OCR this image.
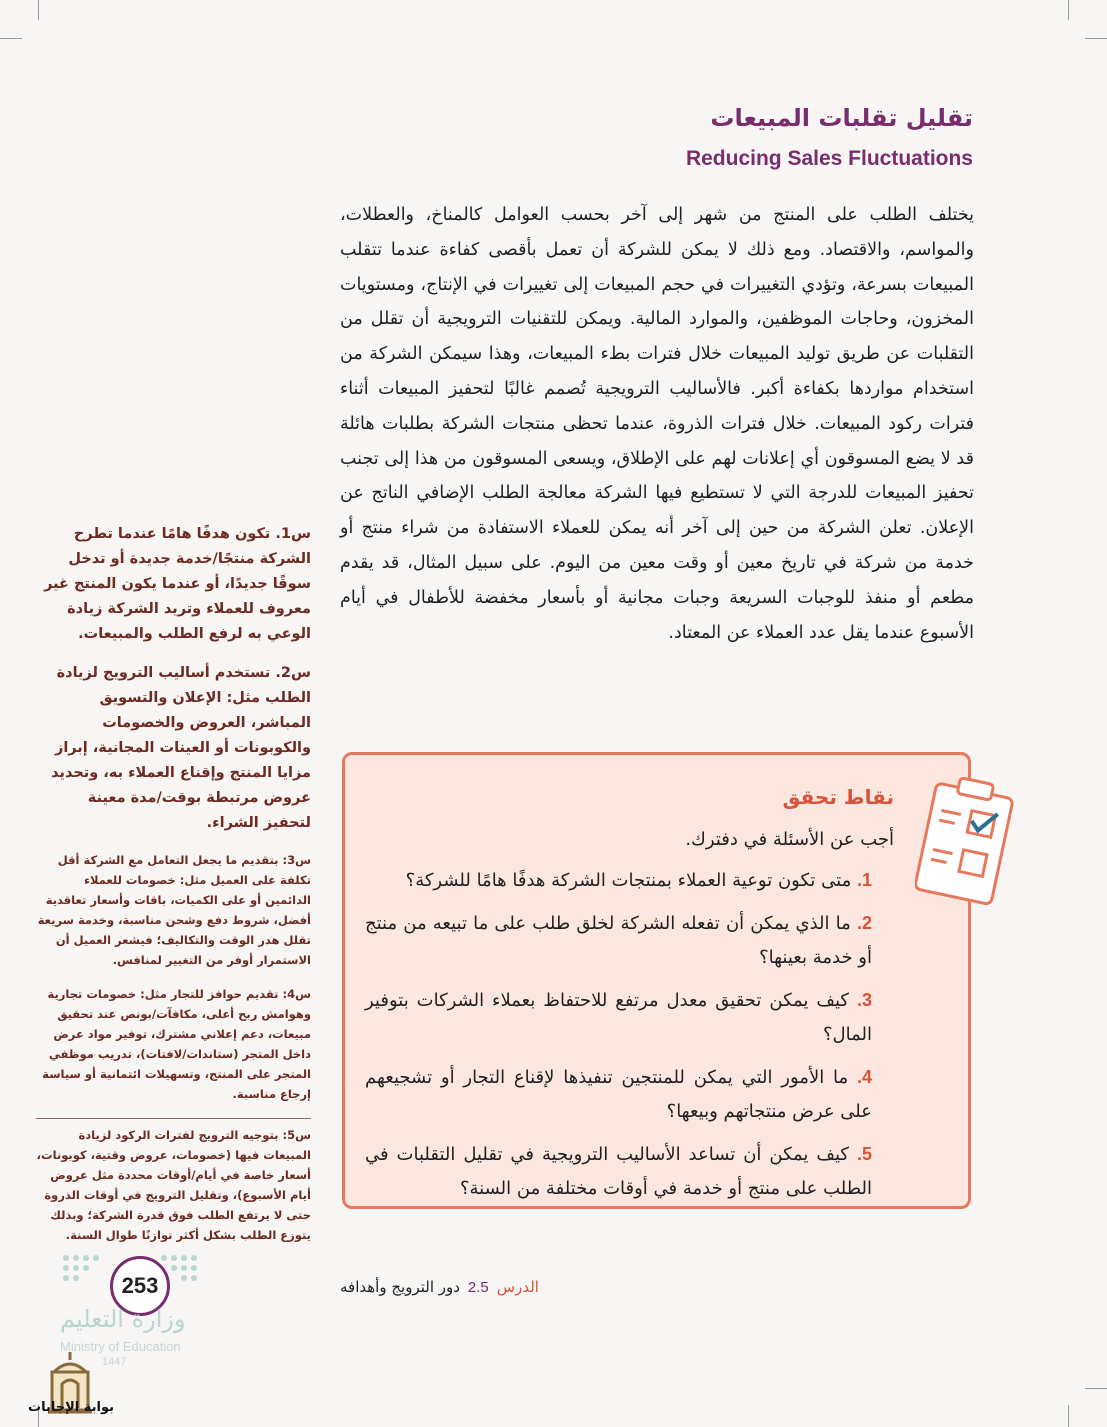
تقليل تقلبات المبيعات
Reducing Sales Fluctuations

يختلف الطلب على المنتج من شهر إلى آخر بحسب العوامل كالمناخ، والعطلات، والمواسم، والاقتصاد. ومع ذلك لا يمكن للشركة أن تعمل بأقصى كفاءة عندما تتقلب المبيعات بسرعة، وتؤدي التغييرات في حجم المبيعات إلى تغييرات في الإنتاج، ومستويات المخزون، وحاجات الموظفين، والموارد المالية. ويمكن للتقنيات الترويجية أن تقلل من التقلبات عن طريق توليد المبيعات خلال فترات بطء المبيعات، وهذا سيمكن الشركة من استخدام مواردها بكفاءة أكبر. فالأساليب الترويجية تُصمم غالبًا لتحفيز المبيعات أثناء فترات ركود المبيعات. خلال فترات الذروة، عندما تحظى منتجات الشركة بطلبات هائلة قد لا يضع المسوقون أي إعلانات لهم على الإطلاق، ويسعى المسوقون من هذا إلى تجنب تحفيز المبيعات للدرجة التي لا تستطيع فيها الشركة معالجة الطلب الإضافي الناتج عن الإعلان. تعلن الشركة من حين إلى آخر أنه يمكن للعملاء الاستفادة من شراء منتج أو خدمة من شركة في تاريخ معين أو وقت معين من اليوم. على سبيل المثال، قد يقدم مطعم أو منفذ للوجبات السريعة وجبات مجانية أو بأسعار مخفضة للأطفال في أيام الأسبوع عندما يقل عدد العملاء عن المعتاد.

س1. تكون هدفًا هامًا عندما تطرح الشركة منتجًا/خدمة جديدة أو تدخل سوقًا جديدًا، أو عندما يكون المنتج غير معروف للعملاء وتريد الشركة زيادة الوعي به لرفع الطلب والمبيعات.

س2. تستخدم أساليب الترويج لزيادة الطلب مثل: الإعلان والتسويق المباشر، العروض والخصومات والكوبونات أو العينات المجانية، إبراز مزايا المنتج وإقناع العملاء به، وتحديد عروض مرتبطة بوقت/مدة معينة لتحفيز الشراء.

س3: بتقديم ما يجعل التعامل مع الشركة أقل تكلفة على العميل مثل: خصومات للعملاء الدائمين أو على الكميات، باقات وأسعار تعاقدية أفضل، شروط دفع وشحن مناسبة، وخدمة سريعة تقلل هدر الوقت والتكاليف؛ فيشعر العميل أن الاستمرار أوفر من التغيير لمنافس.

س4: تقديم حوافز للتجار مثل: خصومات تجارية وهوامش ربح أعلى، مكافآت/بونص عند تحقيق مبيعات، دعم إعلاني مشترك، توفير مواد عرض داخل المتجر (ستاندات/لافتات)، تدريب موظفي المتجر على المنتج، وتسهيلات ائتمانية أو سياسة إرجاع مناسبة.

س5: بتوجيه الترويج لفترات الركود لزيادة المبيعات فيها (خصومات، عروض وقتية، كوبونات، أسعار خاصة في أيام/أوقات محددة مثل عروض أيام الأسبوع)، وتقليل الترويج في أوقات الذروة حتى لا يرتفع الطلب فوق قدرة الشركة؛ وبذلك يتوزع الطلب بشكل أكثر توازنًا طوال السنة.

نقاط تحقق

أجب عن الأسئلة في دفترك.

1. متى تكون توعية العملاء بمنتجات الشركة هدفًا هامًا للشركة؟
2. ما الذي يمكن أن تفعله الشركة لخلق طلب على ما تبيعه من منتج أو خدمة بعينها؟
3. كيف يمكن تحقيق معدل مرتفع للاحتفاظ بعملاء الشركات بتوفير المال؟
4. ما الأمور التي يمكن للمنتجين تنفيذها لإقناع التجار أو تشجيعهم على عرض منتجاتهم وبيعها؟
5. كيف يمكن أن تساعد الأساليب الترويجية في تقليل التقلبات في الطلب على منتج أو خدمة في أوقات مختلفة من السنة؟
253

وزارة التعليم

Ministry of Education

1447

الدرس2.5دور الترويج وأهدافه

بوابة الإجابات
